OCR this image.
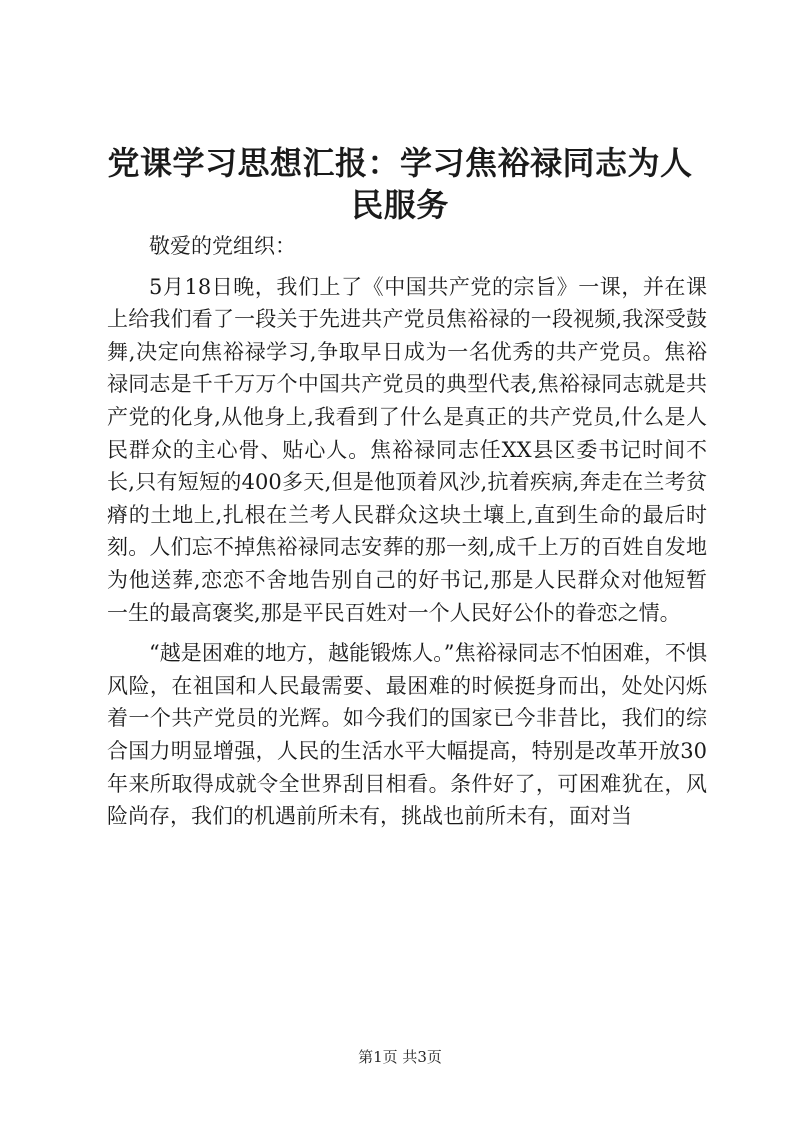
党课学习思想汇报：学习焦裕禄同志为人民服务

敬爱的党组织：

5月18日晚，我们上了《中国共产党的宗旨》一课，并在课上给我们看了一段关于先进共产党员焦裕禄的一段视频,我深受鼓舞,决定向焦裕禄学习,争取早日成为一名优秀的共产党员。焦裕禄同志是千千万万个中国共产党员的典型代表,焦裕禄同志就是共产党的化身,从他身上,我看到了什么是真正的共产党员,什么是人民群众的主心骨、贴心人。焦裕禄同志任XX县区委书记时间不长,只有短短的400多天,但是他顶着风沙,抗着疾病,奔走在兰考贫瘠的土地上,扎根在兰考人民群众这块土壤上,直到生命的最后时刻。人们忘不掉焦裕禄同志安葬的那一刻,成千上万的百姓自发地为他送葬,恋恋不舍地告别自己的好书记,那是人民群众对他短暂一生的最高褒奖,那是平民百姓对一个人民好公仆的眷恋之情。

“越是困难的地方，越能锻炼人。”焦裕禄同志不怕困难，不惧风险，在祖国和人民最需要、最困难的时候挺身而出，处处闪烁着一个共产党员的光辉。如今我们的国家已今非昔比，我们的综合国力明显增强，人民的生活水平大幅提高，特别是改革开放30年来所取得成就令全世界刮目相看。条件好了，可困难犹在，风险尚存，我们的机遇前所未有，挑战也前所未有，面对当

第1页 共3页
